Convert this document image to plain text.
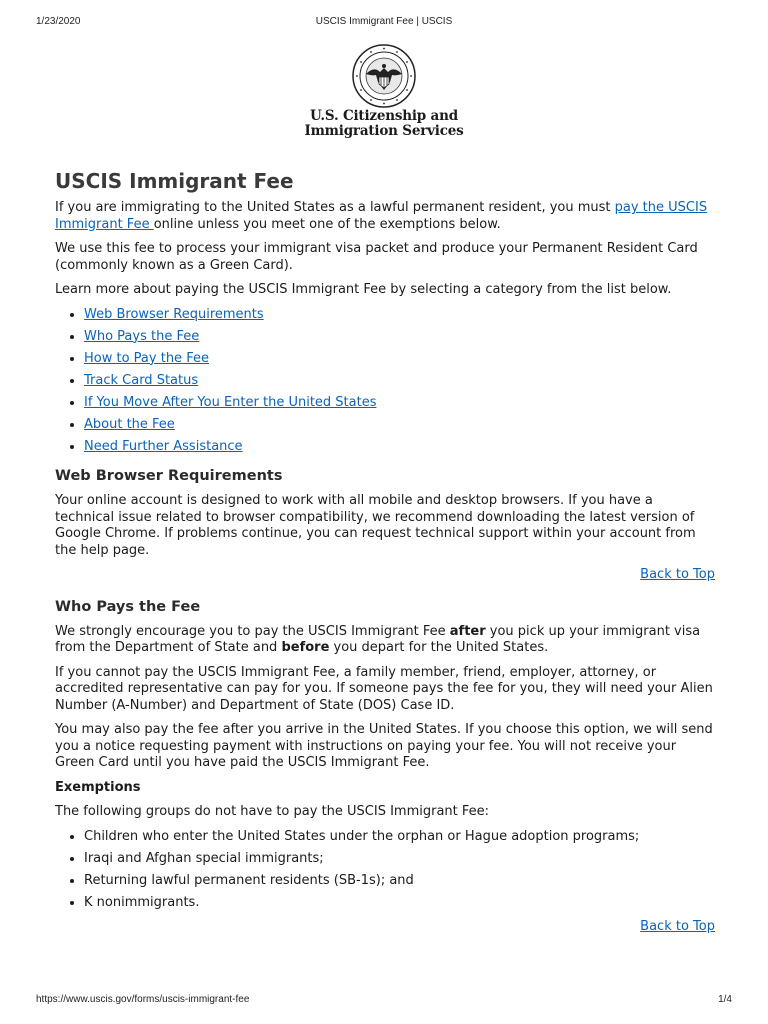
1/23/2020	USCIS Immigrant Fee | USCIS
U.S. Citizenship and
Immigration Services
USCIS Immigrant Fee

If you are immigrating to the United States as a lawful permanent resident, you must pay the USCIS Immigrant Fee online unless you meet one of the exemptions below.

We use this fee to process your immigrant visa packet and produce your Permanent Resident Card (commonly known as a Green Card).

Learn more about paying the USCIS Immigrant Fee by selecting a category from the list below.

• Web Browser Requirements
• Who Pays the Fee
• How to Pay the Fee
• Track Card Status
• If You Move After You Enter the United States
• About the Fee
• Need Further Assistance
Web Browser Requirements

Your online account is designed to work with all mobile and desktop browsers. If you have a technical issue related to browser compatibility, we recommend downloading the latest version of Google Chrome. If problems continue, you can request technical support within your account from the help page.

Back to Top
Who Pays the Fee

We strongly encourage you to pay the USCIS Immigrant Fee after you pick up your immigrant visa from the Department of State and before you depart for the United States.

If you cannot pay the USCIS Immigrant Fee, a family member, friend, employer, attorney, or accredited representative can pay for you. If someone pays the fee for you, they will need your Alien Number (A-Number) and Department of State (DOS) Case ID.

You may also pay the fee after you arrive in the United States. If you choose this option, we will send you a notice requesting payment with instructions on paying your fee. You will not receive your Green Card until you have paid the USCIS Immigrant Fee.

Exemptions

The following groups do not have to pay the USCIS Immigrant Fee:

• Children who enter the United States under the orphan or Hague adoption programs;
• Iraqi and Afghan special immigrants;
• Returning lawful permanent residents (SB-1s); and
• K nonimmigrants.
Back to Top
https://www.uscis.gov/forms/uscis-immigrant-fee	1/4
